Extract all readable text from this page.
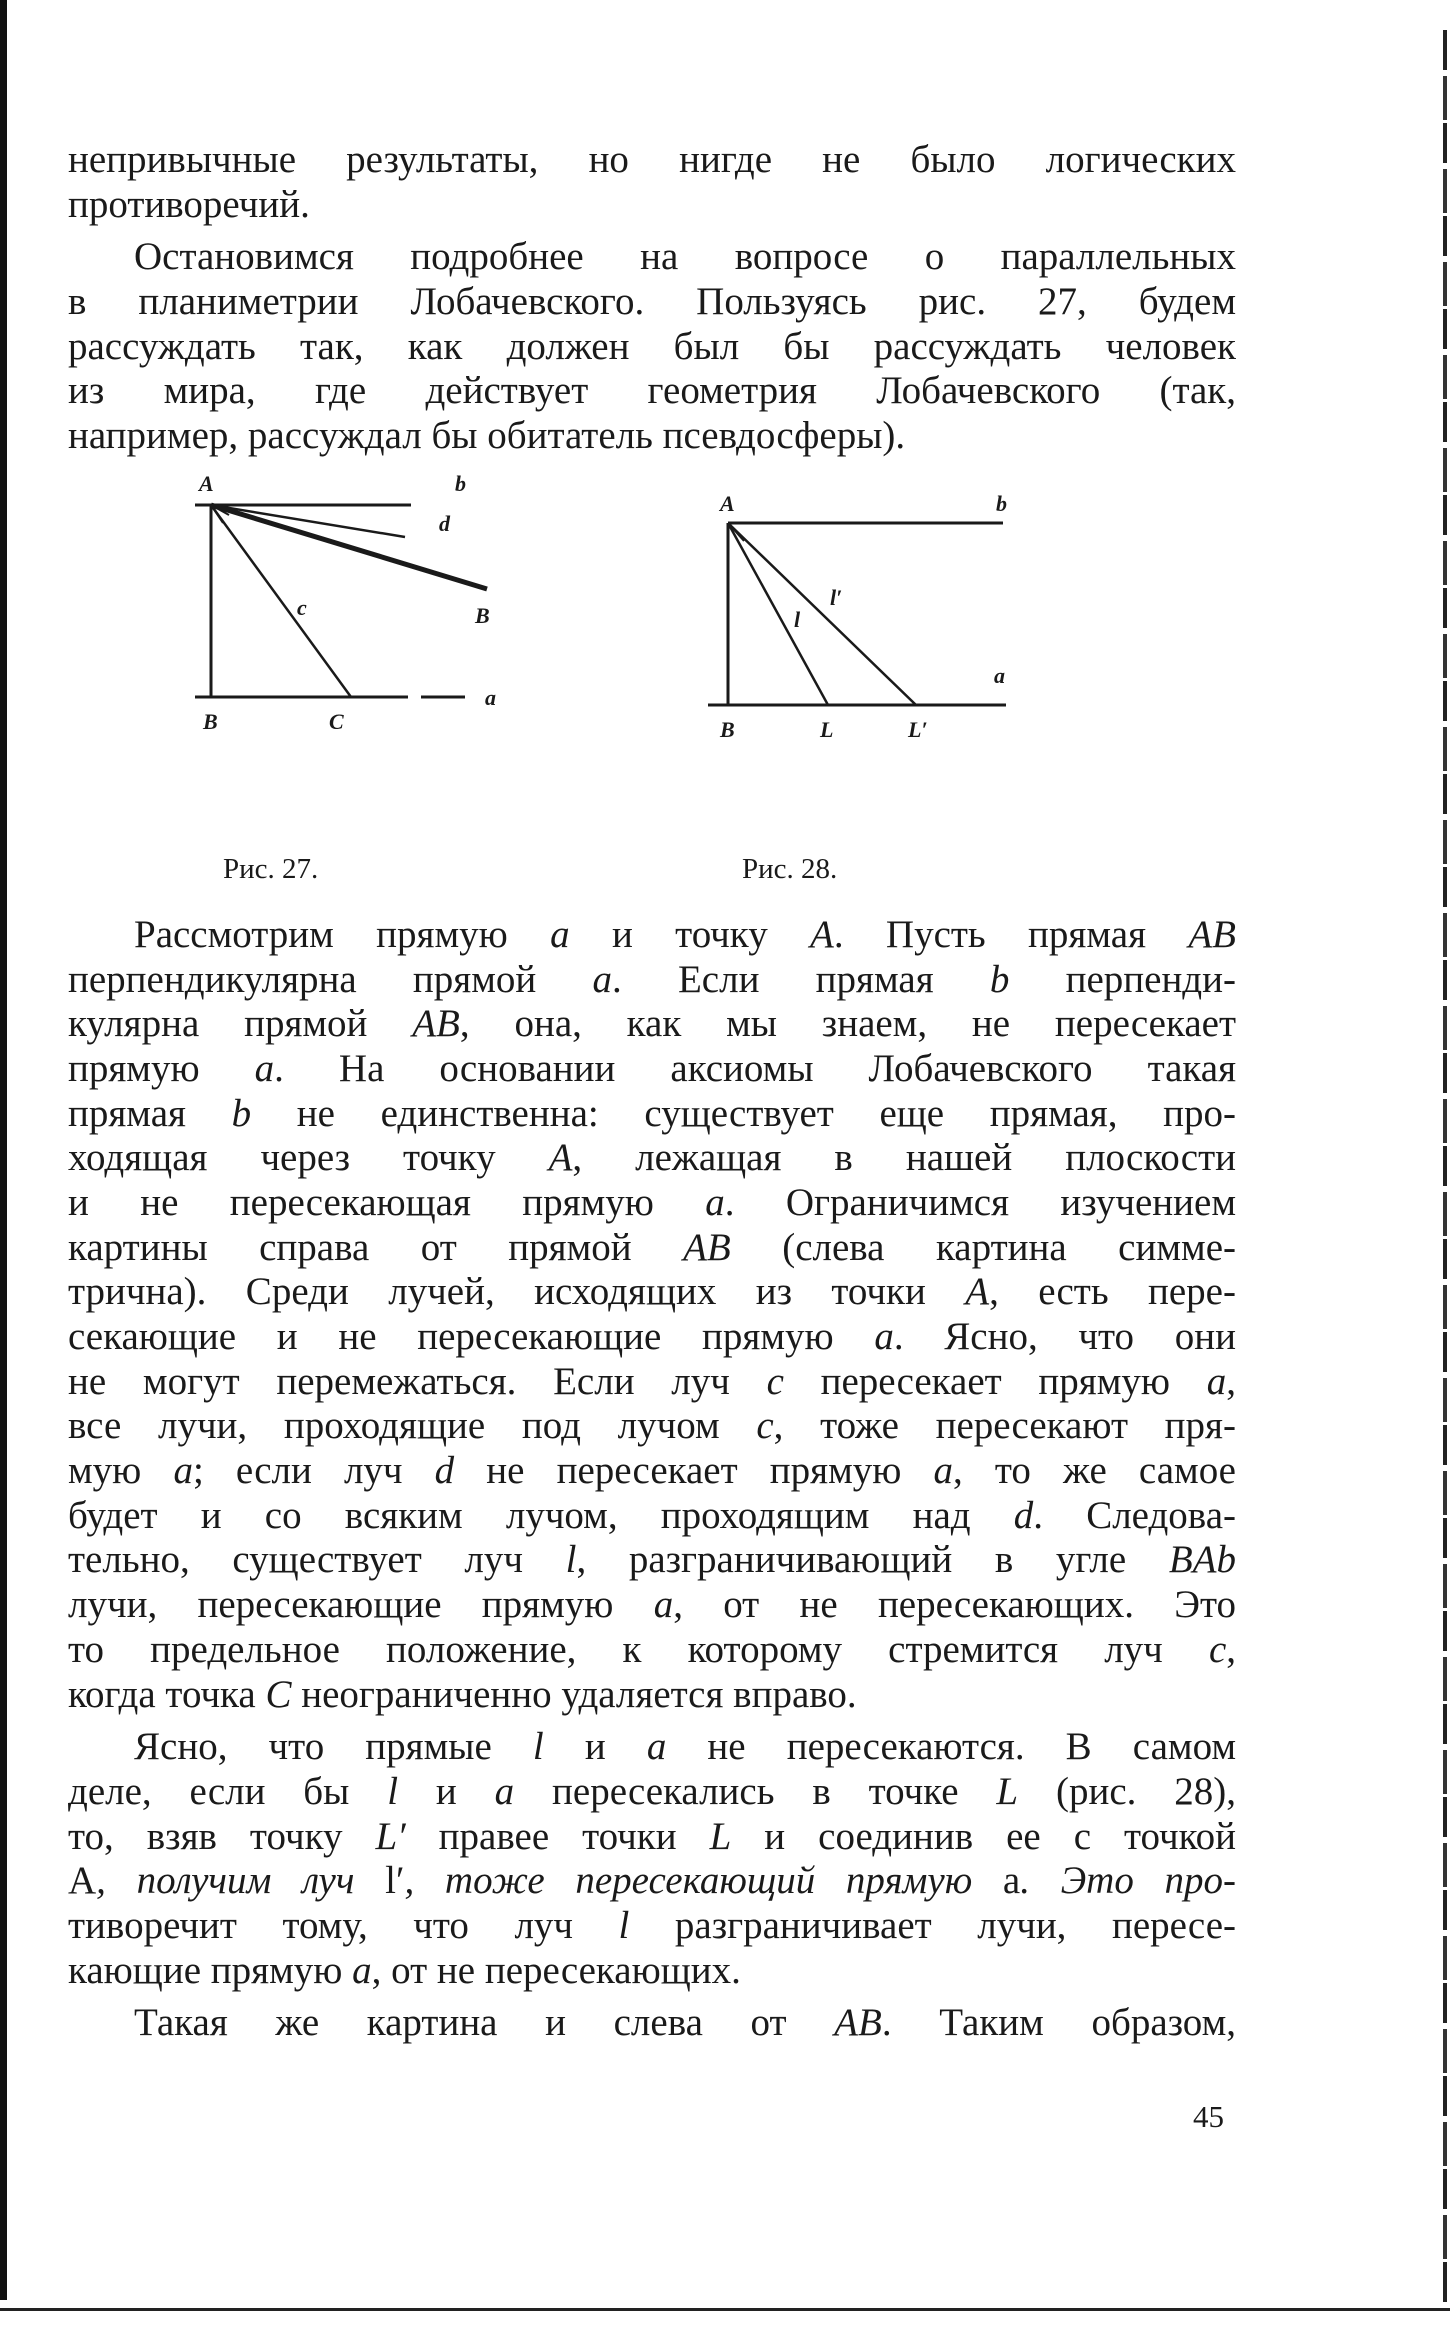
непривычные результаты, но нигде не было логических
противоречий.
Остановимся подробнее на вопросе о параллельных
в планиметрии Лобачевского. Пользуясь рис. 27, будем
рассуждать так, как должен был бы рассуждать человек
из мира, где действует геометрия Лобачевского (так,
например, рассуждал бы обитатель псевдосферы).
A	b
d
c	B
a
B	C
Рис. 27.
A	b
l
l′
a
B	L	L′
Рис. 28.
Рассмотрим прямую a и точку A. Пусть прямая AB
перпендикулярна прямой a. Если прямая b перпенди-
кулярна прямой AB, она, как мы знаем, не пересекает
прямую a. На основании аксиомы Лобачевского такая
прямая b не единственна: существует еще прямая, про-
ходящая через точку A, лежащая в нашей плоскости
и не пересекающая прямую a. Ограничимся изучением
картины справа от прямой AB (слева картина симме-
трична). Среди лучей, исходящих из точки A, есть пере-
секающие и не пересекающие прямую a. Ясно, что они
не могут перемежаться. Если луч c пересекает прямую a,
все лучи, проходящие под лучом c, тоже пересекают пря-
мую a; если луч d не пересекает прямую a, то же самое
будет и со всяким лучом, проходящим над d. Следова-
тельно, существует луч l, разграничивающий в угле BAb
лучи, пересекающие прямую a, от не пересекающих. Это
то предельное положение, к которому стремится луч c,
когда точка C неограниченно удаляется вправо.
Ясно, что прямые l и a не пересекаются. В самом
деле, если бы l и a пересекались в точке L (рис. 28),
то, взяв точку L′ правее точки L и соединив ее с точкой
A, получим луч l′, тоже пересекающий прямую a. Это про-
тиворечит тому, что луч l разграничивает лучи, пересе-
кающие прямую a, от не пересекающих.
Такая же картина и слева от AB. Таким образом,
45
